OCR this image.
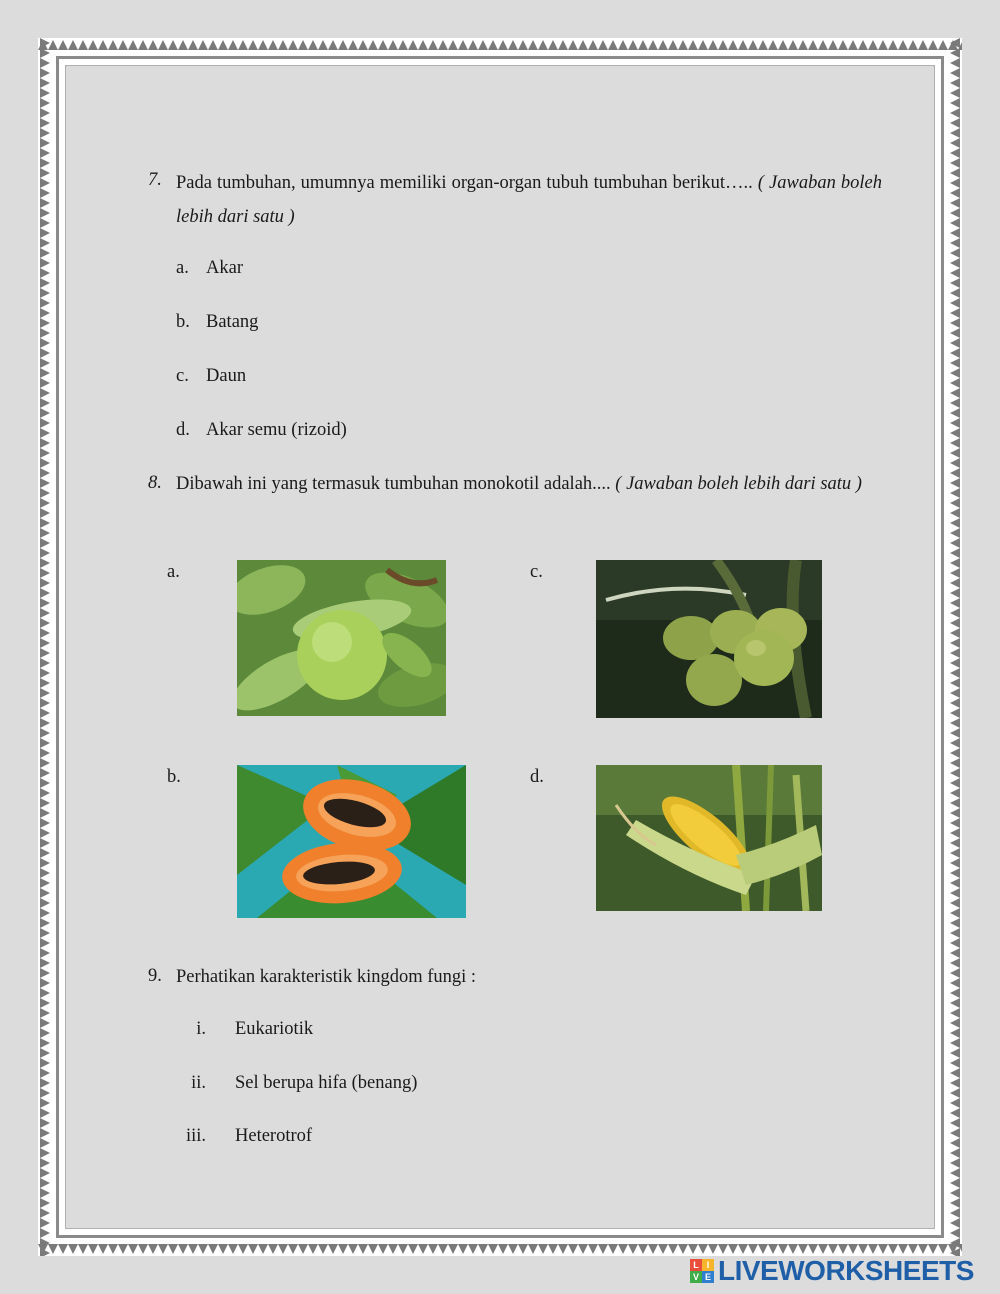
7. Pada tumbuhan, umumnya memiliki organ-organ tubuh tumbuhan berikut….. ( Jawaban boleh lebih dari satu )
a. Akar
b. Batang
c. Daun
d. Akar semu (rizoid)
8. Dibawah ini yang termasuk tumbuhan monokotil adalah.... ( Jawaban boleh lebih dari satu )
a.	c.
b.	d.
9. Perhatikan karakteristik kingdom fungi :
i. Eukariotik
ii. Sel berupa hifa (benang)
iii. Heterotrof
L I
V E LIVEWORKSHEETS
